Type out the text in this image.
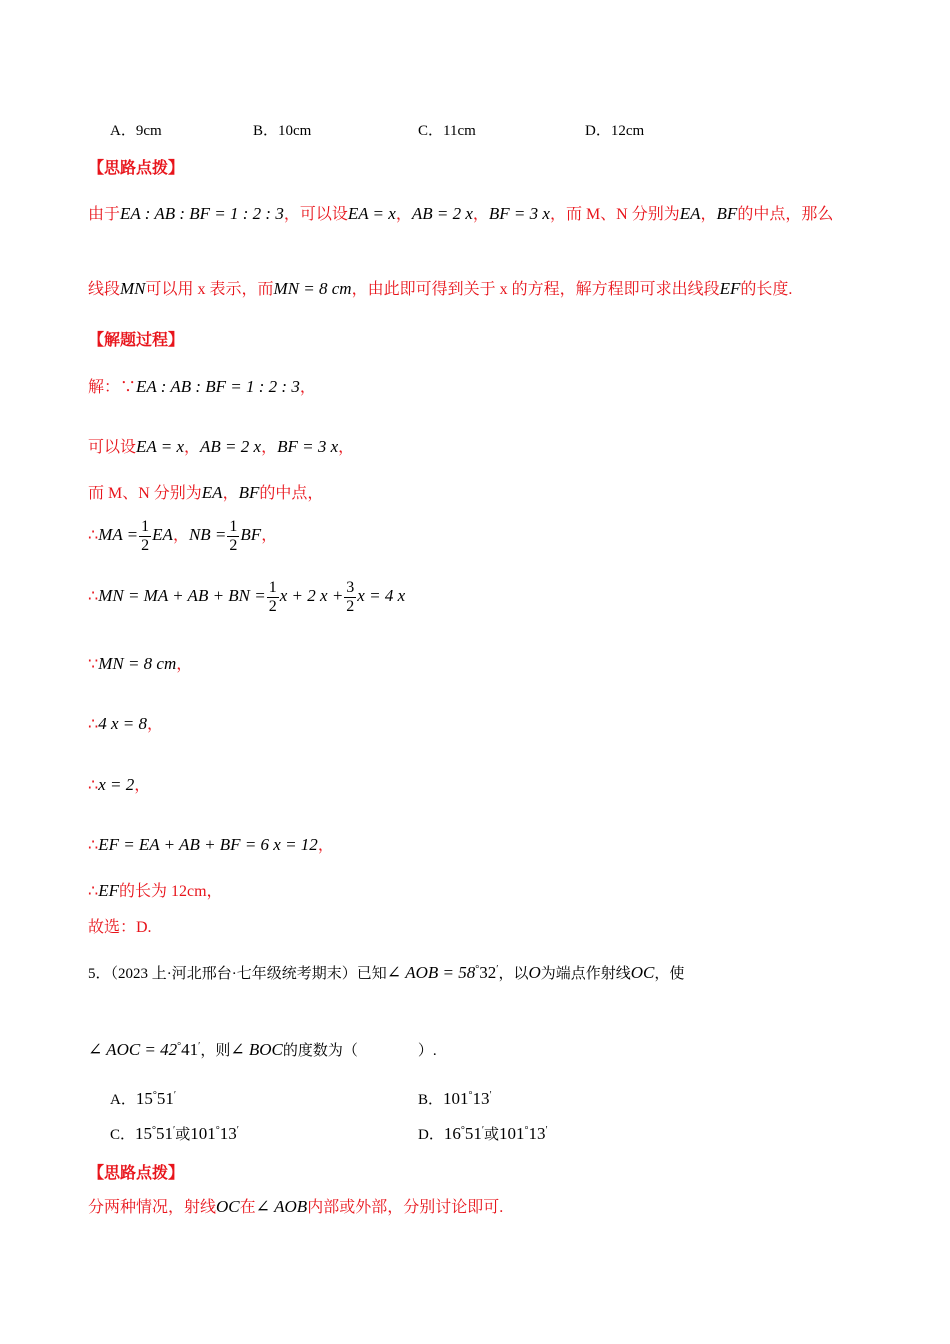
A．9cm	B．10cm	C．11cm	D．12cm
【思路点拨】
由于EA : AB : BF = 1 : 2 : 3，可以设EA = x，AB = 2 x，BF = 3 x，而 M、N 分别为EA，BF的中点，那么
线段MN可以用 x 表示，而MN = 8 cm，由此即可得到关于 x 的方程，解方程即可求出线段EF的长度.
【解题过程】
解：∵EA : AB : BF = 1 : 2 : 3，
可以设EA = x，AB = 2 x，BF = 3 x，
而 M、N 分别为EA，BF的中点，
∴MA = $\frac{1}{2}$ EA，NB = $\frac{1}{2}$ BF，
∴MN = MA + AB + BN = $\frac{1}{2}$ x + 2 $x + \frac{3}{2}$ x = 4 x
∵MN = 8 cm，
∴4 x = 8，
∴x = 2，
∴EF = EA + AB + BF = 6 x = 12，
∴EF的长为 12cm，
故选：D.
5．（2023 上·河北邢台·七年级统考期末）已知∠ AOB = 58°32′，以O为端点作射线OC，使
∠ AOC = 42°41′，则∠ BOC的度数为（　　　　）.
A．15°51′	B．101°13′
C．15°51′或101°13′	D．16°51′或101°13′
【思路点拨】
分两种情况，射线OC在∠ AOB内部或外部，分别讨论即可.
